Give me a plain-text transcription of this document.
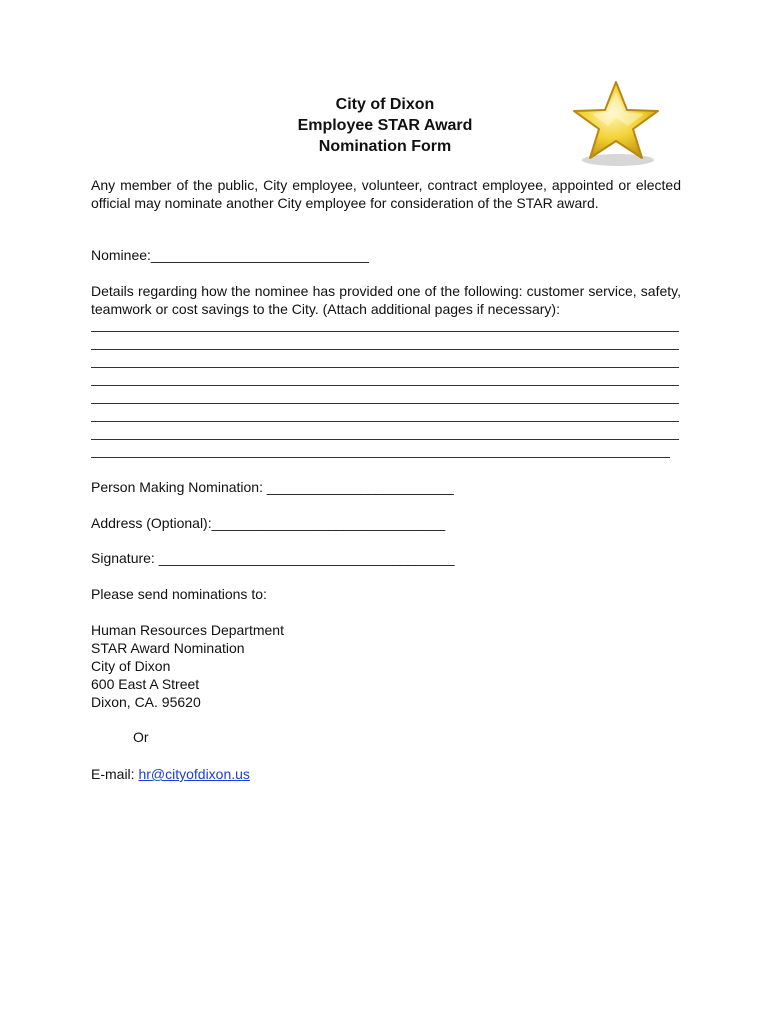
City of Dixon
Employee STAR Award
Nomination Form
Any member of the public, City employee, volunteer, contract employee, appointed or elected official may nominate another City employee for consideration of the STAR award.
Nominee:____________________________
Details regarding how the nominee has provided one of the following: customer service, safety, teamwork or cost savings to the City. (Attach additional pages if necessary):
Person Making Nomination: ________________________
Address (Optional):______________________________
Signature: ______________________________________
Please send nominations to:
Human Resources Department
STAR Award Nomination
City of Dixon
600 East A Street
Dixon, CA. 95620
Or
E-mail: hr@cityofdixon.us
